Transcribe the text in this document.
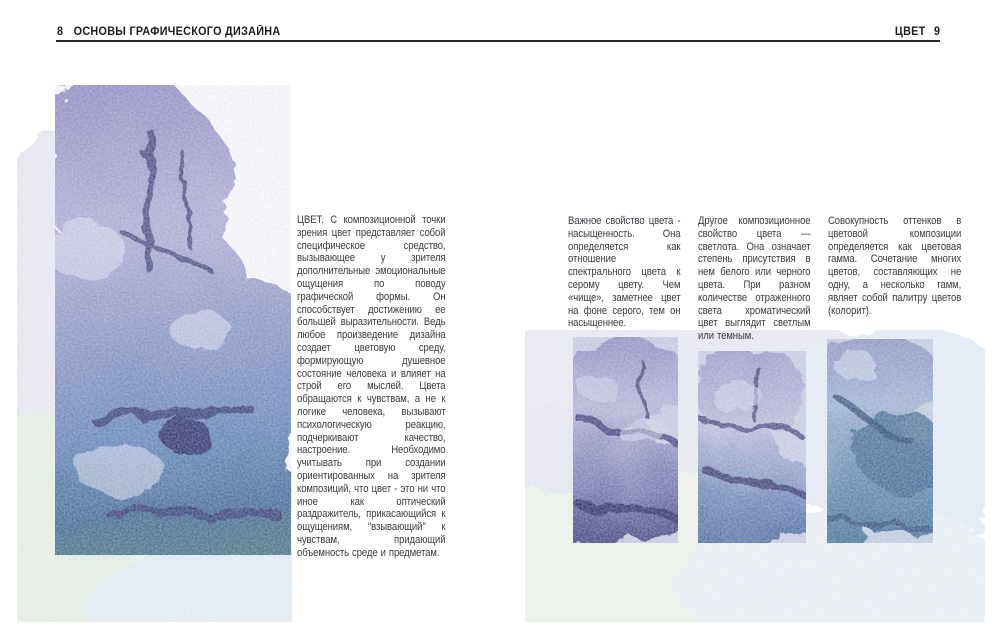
8 ОСНОВЫ ГРАФИЧЕСКОГО ДИЗАЙНА	ЦВЕТ 9
ЦВЕТ. С композиционной точки зрения цвет представляет собой специфическое средство, вызывающее у зрителя дополнительные эмоциональные ощущения по поводу графической формы. Он способствует достижению ее большей выразительности. Ведь любое произведение дизайна создает цветовую среду, формирующую душевное состояние человека и влияет на строй его мыслей. Цвета обращаются к чувствам, а не к логике человека, вызывают психологическую реакцию, подчеркивают качество, настроение. Необходимо учитывать при создании ориентированных на зрителя композиций, что цвет - это ни что иное как оптический раздражитель, прикасающийся к ощущениям, "взывающий" к чувствам, придающий объемность среде и предметам.
Важное свойство цвета - насыщенность. Она определяется как отношение спектрального цвета к серому цвету. Чем «чище», заметнее цвет на фоне серого, тем он насыщеннее.
Другое композиционное свойство цвета — светлота. Она означает степень присутствия в нем белого или черного цвета. При разном количестве отраженного света хроматический цвет выглядит светлым или темным.
Совокупность оттенков в цветовой композиции определяется как цветовая гамма. Сочетание многих цветов, составляющих не одну, а несколько гамм, являет собой палитру цветов (колорит).
